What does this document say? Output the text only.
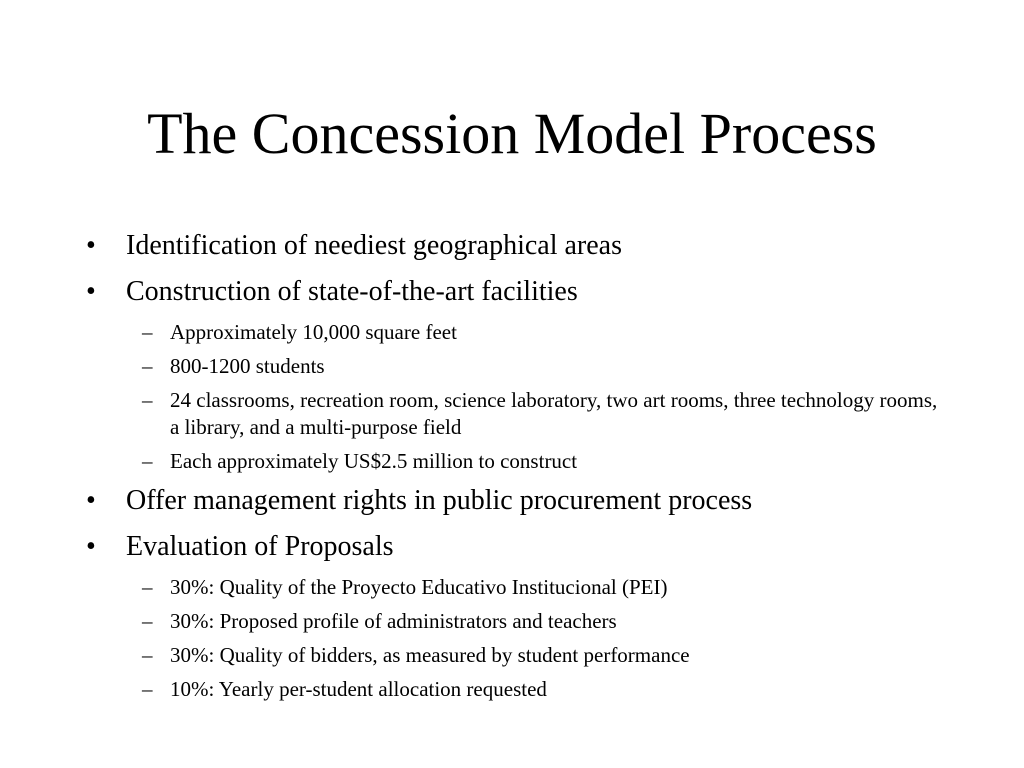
The Concession Model Process
• Identification of neediest geographical areas
• Construction of state-of-the-art facilities
– Approximately 10,000 square feet
– 800-1200 students
– 24 classrooms, recreation room, science laboratory, two art rooms, three technology rooms, a library, and a multi-purpose field
– Each approximately US$2.5 million to construct
• Offer management rights in public procurement process
• Evaluation of Proposals
– 30%: Quality of the Proyecto Educativo Institucional (PEI)
– 30%: Proposed profile of administrators and teachers
– 30%: Quality of bidders, as measured by student performance
– 10%: Yearly per-student allocation requested
